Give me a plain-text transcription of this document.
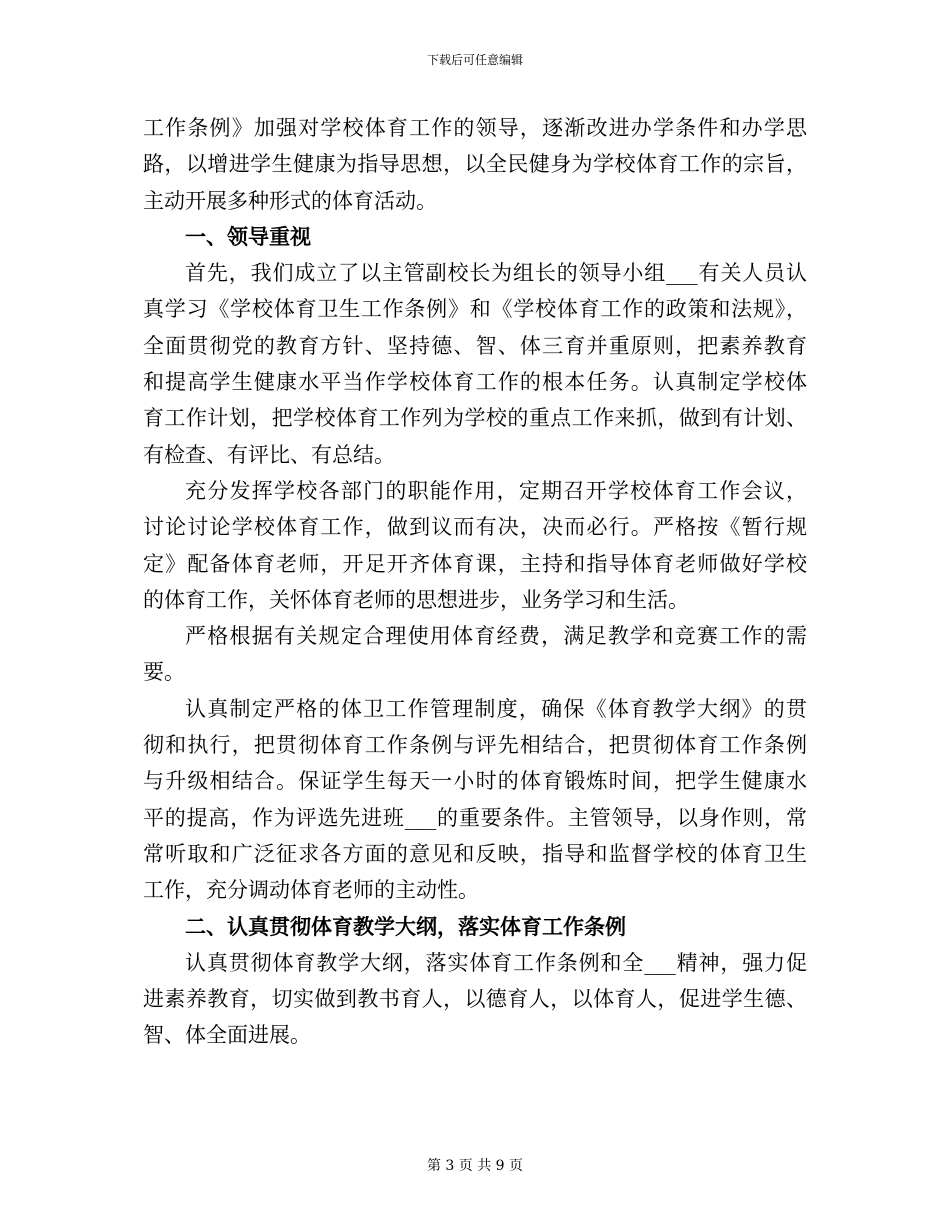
下载后可任意编辑
工作条例》加强对学校体育工作的领导，逐渐改进办学条件和办学思
路，以增进学生健康为指导思想，以全民健身为学校体育工作的宗旨，
主动开展多种形式的体育活动。
一、领导重视
首先，我们成立了以主管副校长为组长的领导小组___有关人员认
真学习《学校体育卫生工作条例》和《学校体育工作的政策和法规》，
全面贯彻党的教育方针、坚持德、智、体三育并重原则，把素养教育
和提高学生健康水平当作学校体育工作的根本任务。认真制定学校体
育工作计划，把学校体育工作列为学校的重点工作来抓，做到有计划、
有检查、有评比、有总结。
充分发挥学校各部门的职能作用，定期召开学校体育工作会议，
讨论讨论学校体育工作，做到议而有决，决而必行。严格按《暂行规
定》配备体育老师，开足开齐体育课，主持和指导体育老师做好学校
的体育工作，关怀体育老师的思想进步，业务学习和生活。
严格根据有关规定合理使用体育经费，满足教学和竞赛工作的需
要。
认真制定严格的体卫工作管理制度，确保《体育教学大纲》的贯
彻和执行，把贯彻体育工作条例与评先相结合，把贯彻体育工作条例
与升级相结合。保证学生每天一小时的体育锻炼时间，把学生健康水
平的提高，作为评选先进班___的重要条件。主管领导，以身作则，常
常听取和广泛征求各方面的意见和反映，指导和监督学校的体育卫生
工作，充分调动体育老师的主动性。
二、认真贯彻体育教学大纲，落实体育工作条例
认真贯彻体育教学大纲，落实体育工作条例和全___精神，强力促
进素养教育，切实做到教书育人，以德育人，以体育人，促进学生德、
智、体全面进展。
第 3 页 共 9 页
